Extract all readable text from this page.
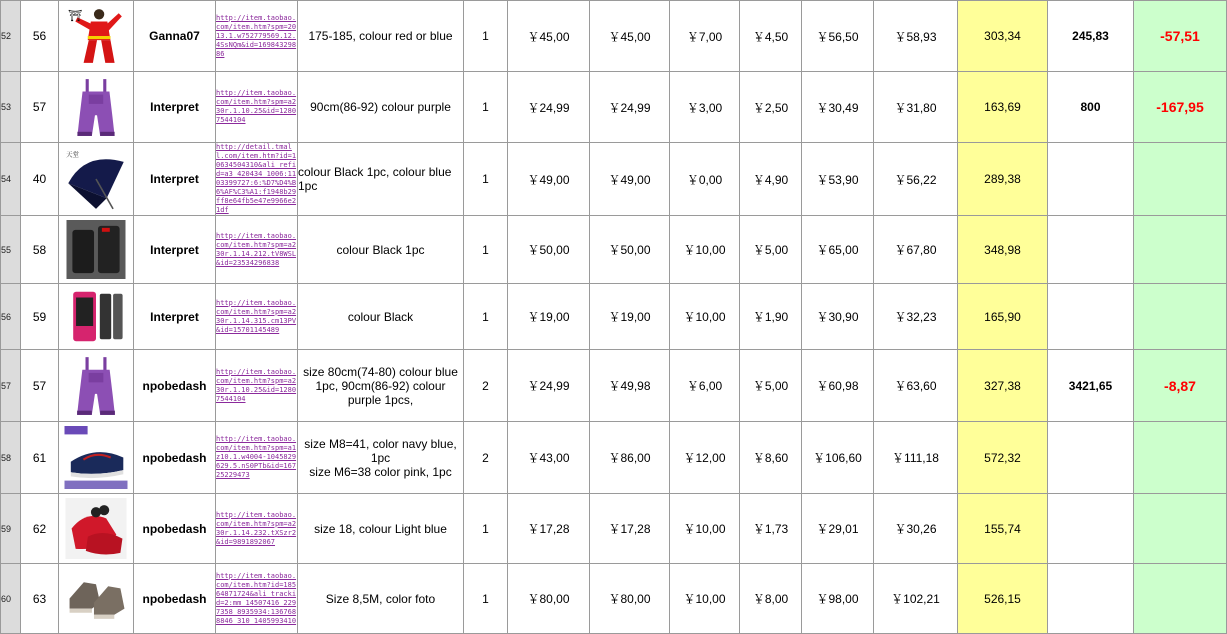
52	56	⛩	Ganna07	http://item.taobao.com/item.htm?spm=2013.1.w752779569.12.4SsNQm&id=16984329886	175-185, colour red or blue	1	￥45,00	￥45,00	￥7,00	￥4,50	￥56,50	￥58,93	303,34	245,83	-57,51
53	57		Interpret	http://item.taobao.com/item.htm?spm=a230r.1.10.25&id=12807544104	90cm(86-92) colour purple	1	￥24,99	￥24,99	￥3,00	￥2,50	￥30,49	￥31,80	163,69	800	-167,95
54	40	天堂	Interpret	http://detail.tmall.com/item.htm?id=10634504310&ali_refid=a3_420434_1006:1103399727:6:%D7%D4%B6%AF%C3%A1:f1948b29ff8e64fb5e47e9966e21df	colour Black 1pc, colour blue 1pc	1	￥49,00	￥49,00	￥0,00	￥4,90	￥53,90	￥56,22	289,38		
55	58		Interpret	http://item.taobao.com/item.htm?spm=a230r.1.14.212.tV8WSL&id=23534296838	colour Black 1pc	1	￥50,00	￥50,00	￥10,00	￥5,00	￥65,00	￥67,80	348,98		
56	59		Interpret	http://item.taobao.com/item.htm?spm=a230r.1.14.315.cm13PV&id=15701145489	colour Black	1	￥19,00	￥19,00	￥10,00	￥1,90	￥30,90	￥32,23	165,90		
57	57		npobedash	http://item.taobao.com/item.htm?spm=a230r.1.10.25&id=12807544104	size 80cm(74-80) colour blue 1pc, 90cm(86-92) colour purple 1pcs,	2	￥24,99	￥49,98	￥6,00	￥5,00	￥60,98	￥63,60	327,38	3421,65	-8,87
58	61		npobedash	http://item.taobao.com/item.htm?spm=a1z10.1.w4004-1045829629.5.nS0PTb&id=16725229473	size M8=41, color navy blue, 1pc
size M6=38 color pink, 1pc	2	￥43,00	￥86,00	￥12,00	￥8,60	￥106,60	￥111,18	572,32		
59	62		npobedash	http://item.taobao.com/item.htm?spm=a230r.1.14.232.tXSzr2&id=9891892067	size 18, colour Light blue	1	￥17,28	￥17,28	￥10,00	￥1,73	￥29,01	￥30,26	155,74		
60	63		npobedash	http://item.taobao.com/item.htm?id=18564871724&ali_trackid=2:mm_14507416_2297358_8935934:1367688846_310_1405993410	Size 8,5M, color foto	1	￥80,00	￥80,00	￥10,00	￥8,00	￥98,00	￥102,21	526,15		
